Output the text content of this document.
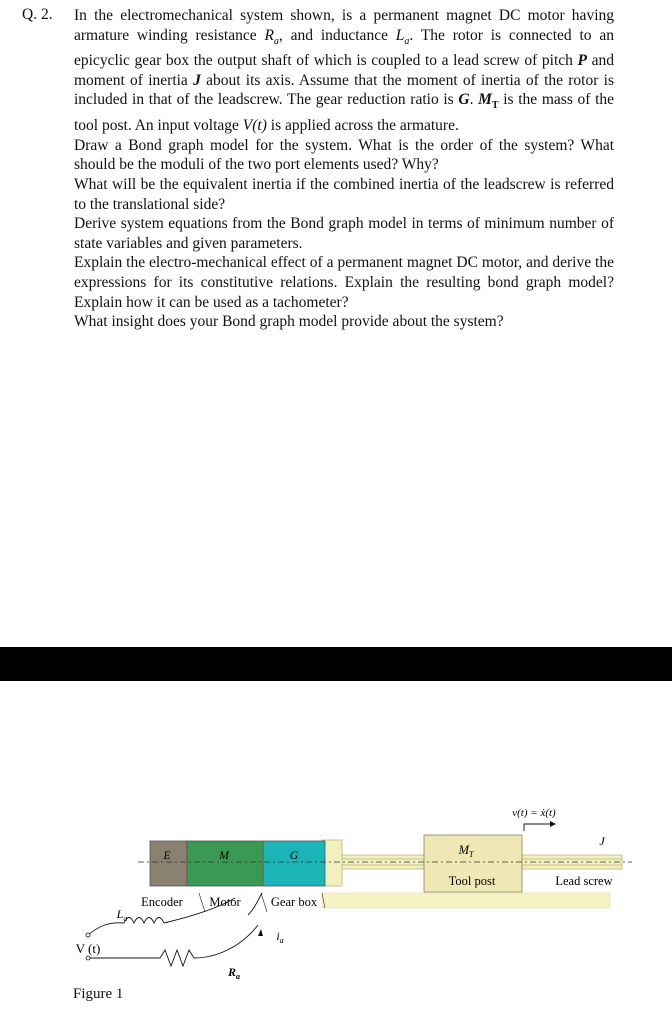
Q. 2. In the electromechanical system shown, is a permanent magnet DC motor having armature winding resistance $R_a$, and inductance $L_a$. The rotor is connected to an epicyclic gear box the output shaft of which is coupled to a lead screw of pitch P and moment of inertia J about its axis. Assume that the moment of inertia of the rotor is included in that of the leadscrew. The gear reduction ratio is G. $M_T$ is the mass of the tool post. An input voltage V(t) is applied across the armature.

Draw a Bond graph model for the system. What is the order of the system? What should be the moduli of the two port elements used? Why?

What will be the equivalent inertia if the combined inertia of the leadscrew is referred to the translational side?

Derive system equations from the Bond graph model in terms of minimum number of state variables and given parameters.

Explain the electro-mechanical effect of a permanent magnet DC motor, and derive the expressions for its constitutive relations. Explain the resulting bond graph model? Explain how it can be used as a tachometer?

What insight does your Bond graph model provide about the system?

E	M	G
Encoder Motor Gear box
$M_T$
Tool post	Lead screw
J
v(t) = ẋ(t)
V (t)
$L_a$
$R_a$
$i_a$
Figure 1
